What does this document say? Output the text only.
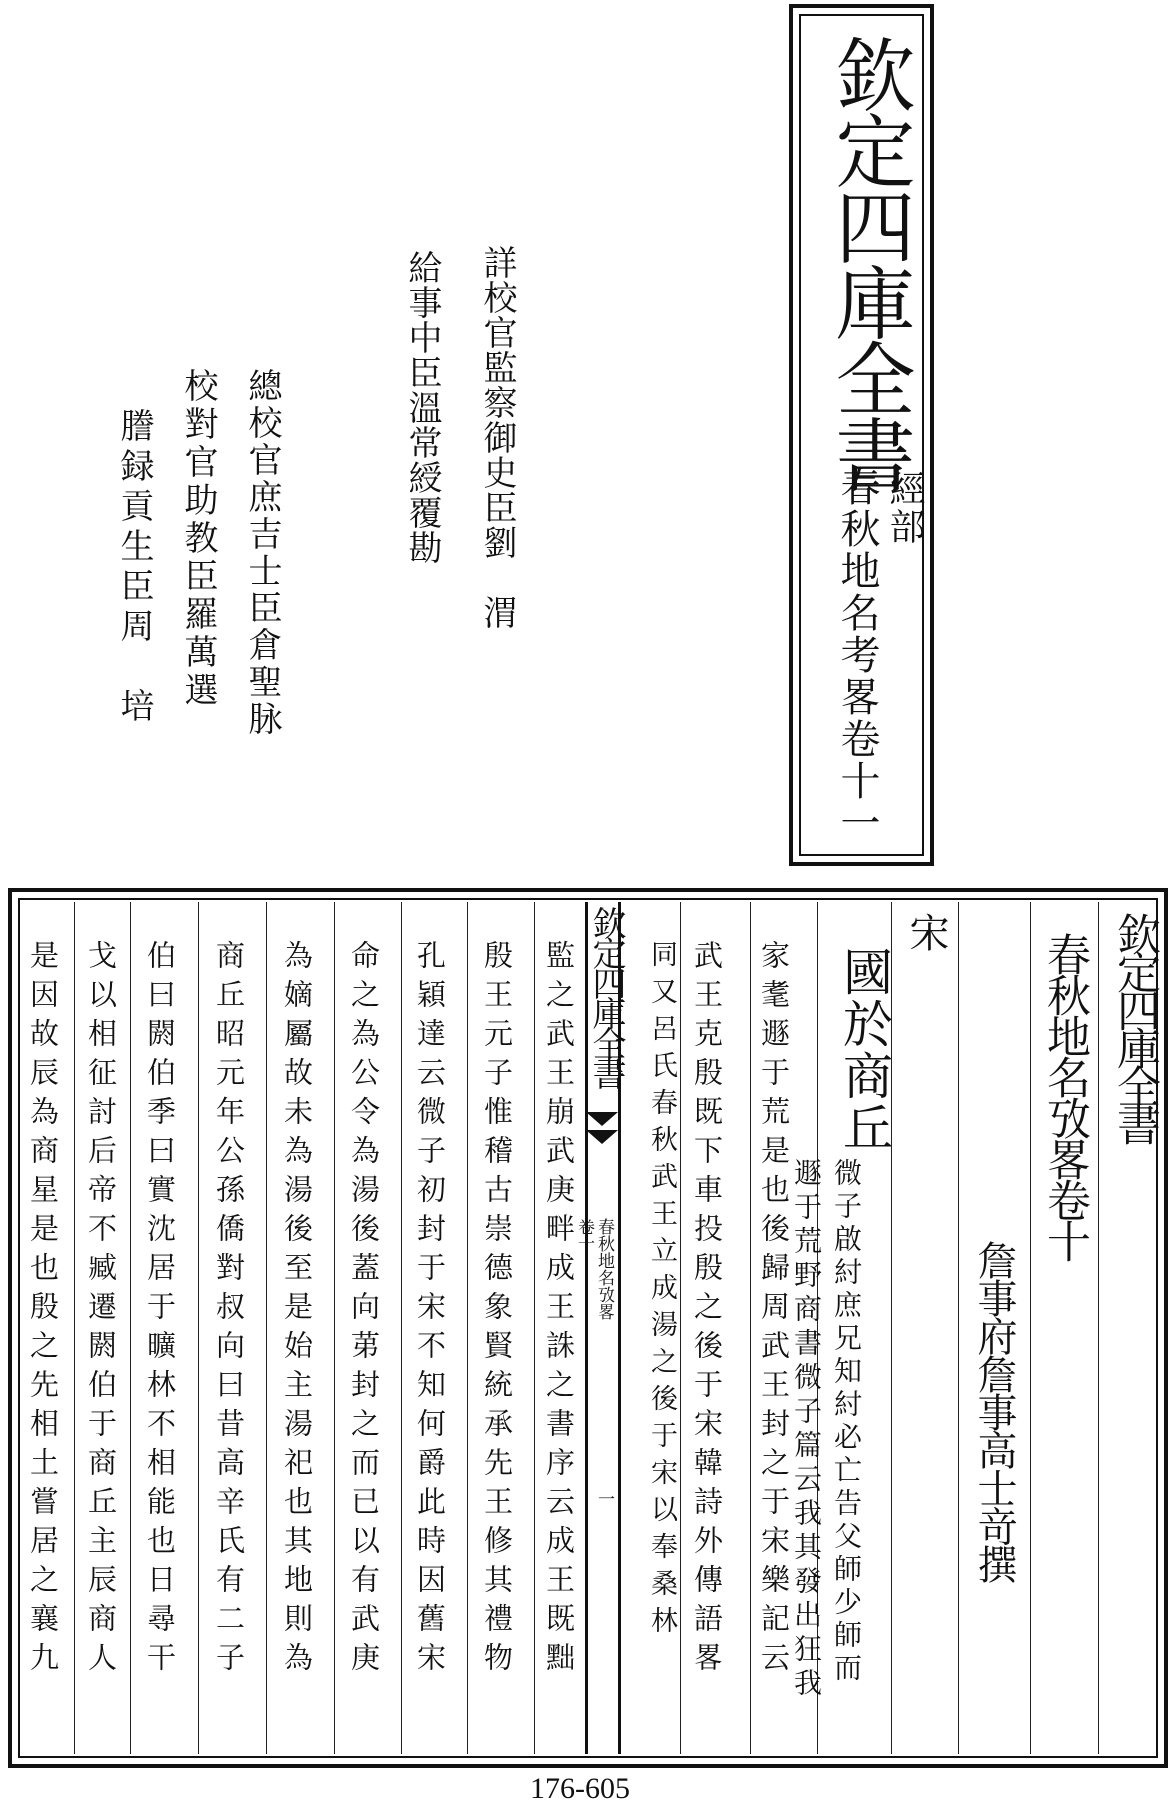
欽定四庫全書
經部
春秋地名考畧卷十一
詳校官監察御史臣劉　渭
給事中臣溫常綬覆勘
總校官庶吉士臣倉聖脉
校對官助教臣羅萬選
謄録貢生臣周　培
欽定四庫全書
春秋地名攷畧卷十
詹事府詹事高士竒撰
宋
國於商丘
微子啟紂庶兄知紂必亡告父師少師而
遯于荒野商書微子篇云我其發出狂我
家耄遯于荒是也後歸周武王封之于宋樂記云
武王克殷既下車投殷之後于宋韓詩外傳語畧
同又呂氏春秋武王立成湯之後于宋以奉桑林
欽定四庫全書
春秋地名攷畧
卷十
一
監之武王崩武庚畔成王誅之書序云成王既黜
殷王元子惟稽古崇德象賢統承先王修其禮物
孔穎達云微子初封于宋不知何爵此時因舊宋
命之為公令為湯後蓋向苐封之而已以有武庚
為嫡屬故未為湯後至是始主湯祀也其地則為
商丘昭元年公孫僑對叔向曰昔高辛氏有二子
伯曰閼伯季曰實沈居于曠林不相能也日尋干
戈以相征討后帝不臧遷閼伯于商丘主辰商人
是因故辰為商星是也殷之先相土嘗居之襄九
176-605
